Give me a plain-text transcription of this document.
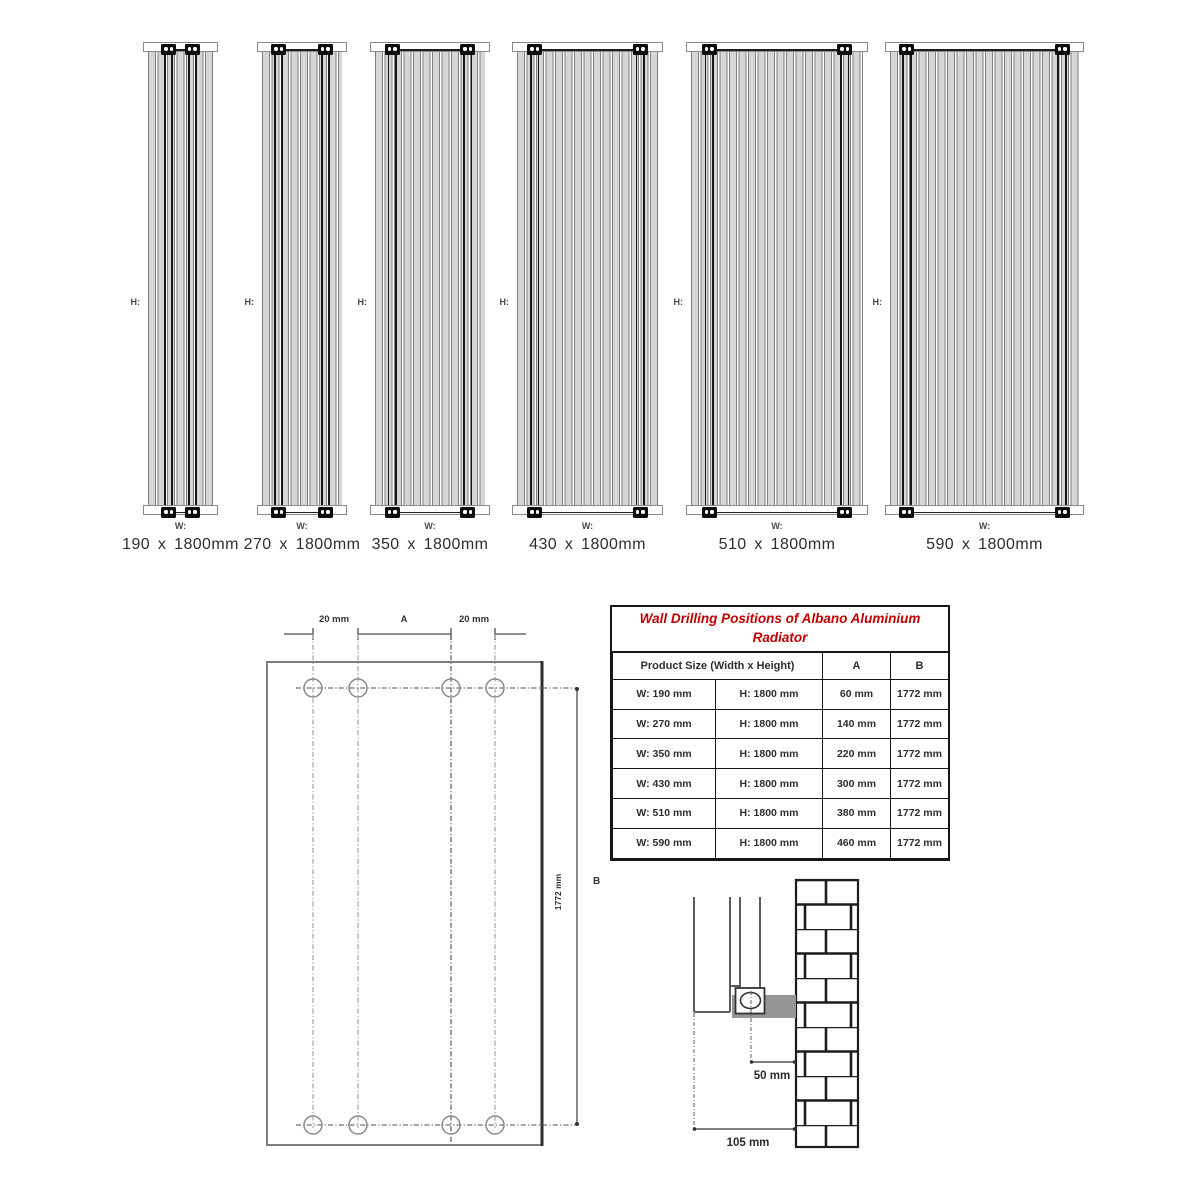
H:
W:
190 x 1800mm
H:
W:
270 x 1800mm
H:
W:
350 x 1800mm
H:
W:
430 x 1800mm
H:
W:
510 x 1800mm
H:
W:
590 x 1800mm
20 mm	A	20 mm
1772 mm	B
Wall Drilling Positions of Albano Aluminium Radiator
Product Size (Width x Height)		A	B
W: 190 mm	H: 1800 mm	60 mm	1772 mm
W: 270 mm	H: 1800 mm	140 mm	1772 mm
W: 350 mm	H: 1800 mm	220 mm	1772 mm
W: 430 mm	H: 1800 mm	300 mm	1772 mm
W: 510 mm	H: 1800 mm	380 mm	1772 mm
W: 590 mm	H: 1800 mm	460 mm	1772 mm
50 mm
105 mm
